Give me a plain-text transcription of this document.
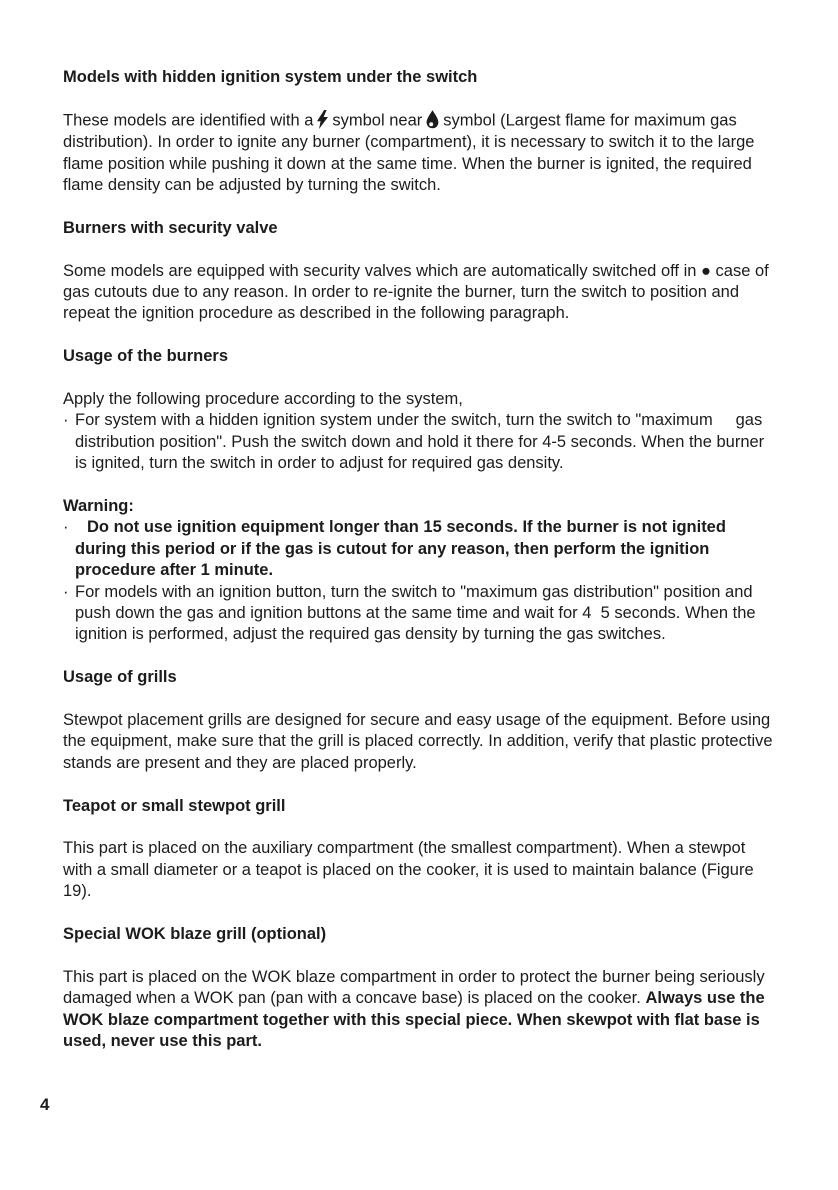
Models with hidden ignition system under the switch

These models are identified with a symbol near symbol (Largest flame for maximum gas distribution). In order to ignite any burner (compartment), it is necessary to switch it to the large flame position while pushing it down at the same time. When the burner is ignited, the required flame density can be adjusted by turning the switch.

Burners with security valve

Some models are equipped with security valves which are automatically switched off in ● case of gas cutouts due to any reason. In order to re-ignite the burner, turn the switch to position and repeat the ignition procedure as described in the following paragraph.

Usage of the burners

Apply the following procedure according to the system,

· For system with a hidden ignition system under the switch, turn the switch to "maximum     gas distribution position". Push the switch down and hold it there for 4-5 seconds. When the burner is ignited, turn the switch in order to adjust for required gas density.
Warning:
·	Do not use ignition equipment longer than 15 seconds. If the burner is not ignited during this period or if the gas is cutout for any reason, then perform the ignition procedure after 1 minute.
· For models with an ignition button, turn the switch to "maximum gas distribution" position and push down the gas and ignition buttons at the same time and wait for 4  5 seconds. When the ignition is performed, adjust the required gas density by turning the gas switches.
Usage of grills

Stewpot placement grills are designed for secure and easy usage of the equipment. Before using the equipment, make sure that the grill is placed correctly. In addition, verify that plastic protective stands are present and they are placed properly.

Teapot or small stewpot grill

This part is placed on the auxiliary compartment (the smallest compartment). When a stewpot with a small diameter or a teapot is placed on the cooker, it is used to maintain balance (Figure 19).

Special WOK blaze grill (optional)

This part is placed on the WOK blaze compartment in order to protect the burner being seriously damaged when a WOK pan (pan with a concave base) is placed on the cooker. Always use the WOK blaze compartment together with this special piece. When skewpot with flat base is used, never use this part.

4
